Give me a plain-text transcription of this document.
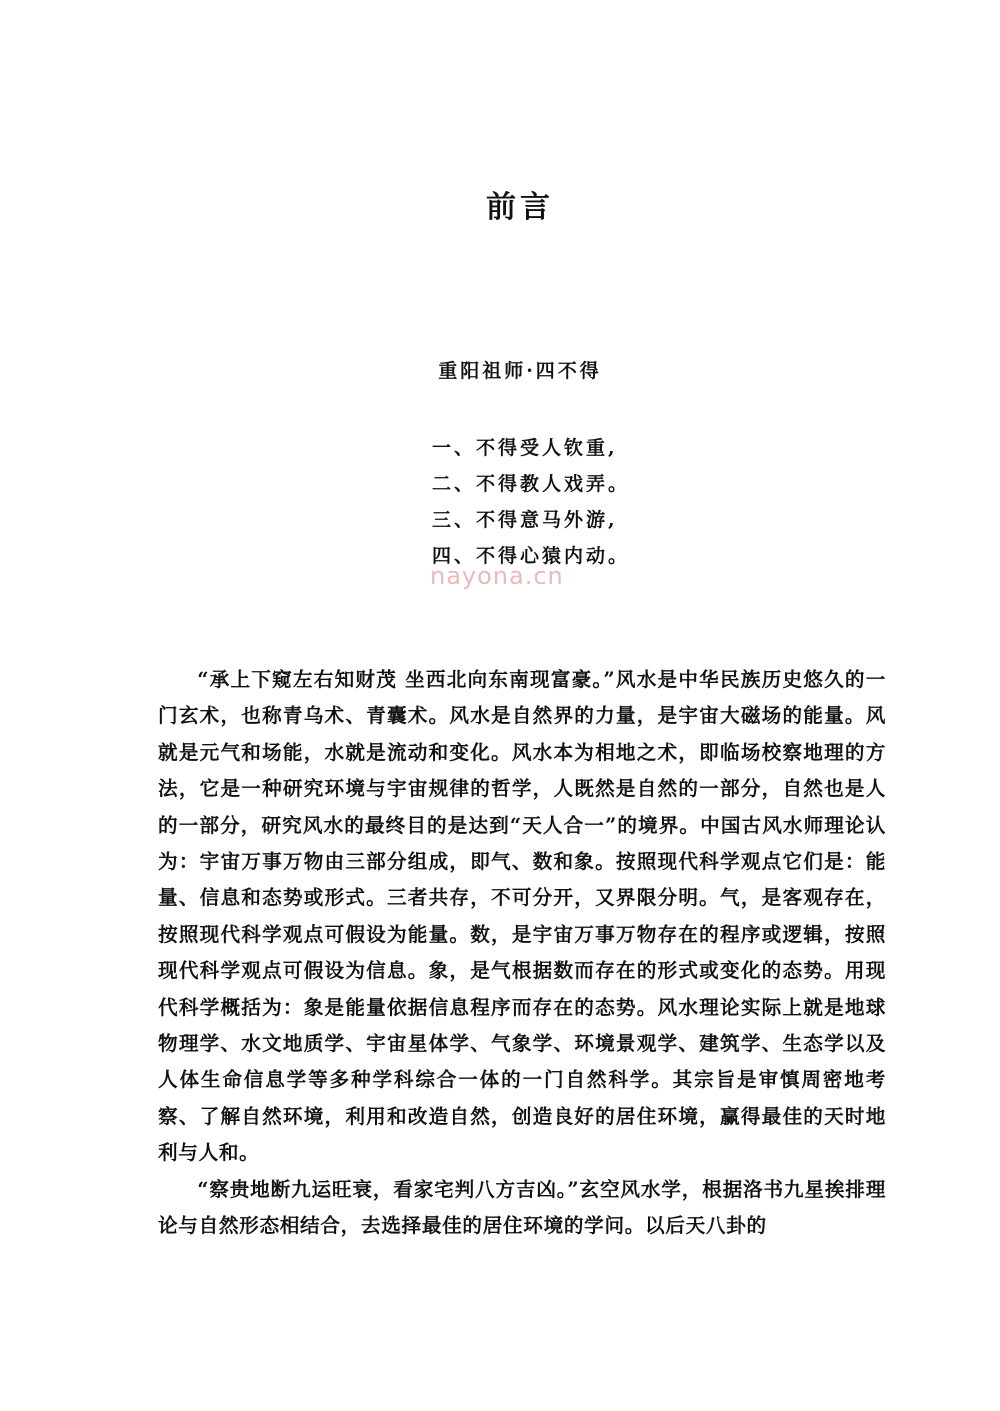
前言
重阳祖师·四不得
一、不得受人钦重,
二、不得教人戏弄。
三、不得意马外游,
四、不得心猿内动。
nayona.cn

“承上下窥左右知财茂 坐西北向东南现富豪。”风水是中华民族历史悠久的一门玄术，也称青乌术、青囊术。风水是自然界的力量，是宇宙大磁场的能量。风就是元气和场能，水就是流动和变化。风水本为相地之术，即临场校察地理的方法，它是一种研究环境与宇宙规律的哲学，人既然是自然的一部分，自然也是人的一部分，研究风水的最终目的是达到“天人合一”的境界。中国古风水师理论认为：宇宙万事万物由三部分组成，即气、数和象。按照现代科学观点它们是：能量、信息和态势或形式。三者共存，不可分开，又界限分明。气，是客观存在，按照现代科学观点可假设为能量。数，是宇宙万事万物存在的程序或逻辑，按照现代科学观点可假设为信息。象，是气根据数而存在的形式或变化的态势。用现代科学概括为：象是能量依据信息程序而存在的态势。风水理论实际上就是地球物理学、水文地质学、宇宙星体学、气象学、环境景观学、建筑学、生态学以及人体生命信息学等多种学科综合一体的一门自然科学。其宗旨是审慎周密地考察、了解自然环境，利用和改造自然，创造良好的居住环境，赢得最佳的天时地利与人和。

“察贵地断九运旺衰，看家宅判八方吉凶。”玄空风水学，根据洛书九星挨排理论与自然形态相结合，去选择最佳的居住环境的学问。以后天八卦的
